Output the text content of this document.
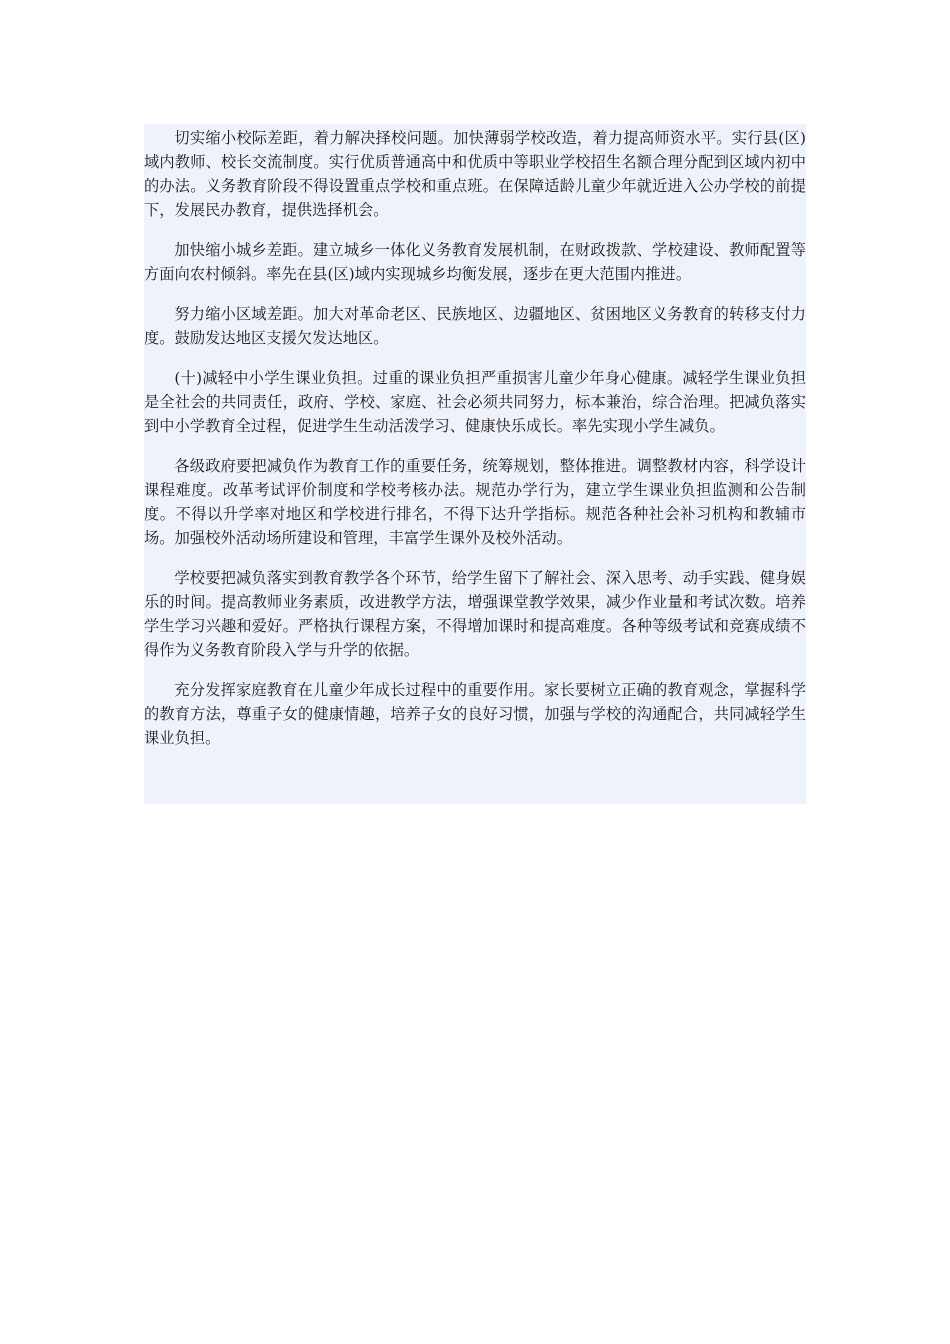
切实缩小校际差距，着力解决择校问题。加快薄弱学校改造，着力提高师资水平。实行县(区)域内教师、校长交流制度。实行优质普通高中和优质中等职业学校招生名额合理分配到区域内初中的办法。义务教育阶段不得设置重点学校和重点班。在保障适龄儿童少年就近进入公办学校的前提下，发展民办教育，提供选择机会。

加快缩小城乡差距。建立城乡一体化义务教育发展机制，在财政拨款、学校建设、教师配置等方面向农村倾斜。率先在县(区)域内实现城乡均衡发展，逐步在更大范围内推进。

努力缩小区域差距。加大对革命老区、民族地区、边疆地区、贫困地区义务教育的转移支付力度。鼓励发达地区支援欠发达地区。

(十)减轻中小学生课业负担。过重的课业负担严重损害儿童少年身心健康。减轻学生课业负担是全社会的共同责任，政府、学校、家庭、社会必须共同努力，标本兼治，综合治理。把减负落实到中小学教育全过程，促进学生生动活泼学习、健康快乐成长。率先实现小学生减负。

各级政府要把减负作为教育工作的重要任务，统筹规划，整体推进。调整教材内容，科学设计课程难度。改革考试评价制度和学校考核办法。规范办学行为，建立学生课业负担监测和公告制度。不得以升学率对地区和学校进行排名，不得下达升学指标。规范各种社会补习机构和教辅市场。加强校外活动场所建设和管理，丰富学生课外及校外活动。

学校要把减负落实到教育教学各个环节，给学生留下了解社会、深入思考、动手实践、健身娱乐的时间。提高教师业务素质，改进教学方法，增强课堂教学效果，减少作业量和考试次数。培养学生学习兴趣和爱好。严格执行课程方案，不得增加课时和提高难度。各种等级考试和竞赛成绩不得作为义务教育阶段入学与升学的依据。

充分发挥家庭教育在儿童少年成长过程中的重要作用。家长要树立正确的教育观念，掌握科学的教育方法，尊重子女的健康情趣，培养子女的良好习惯，加强与学校的沟通配合，共同减轻学生课业负担。
